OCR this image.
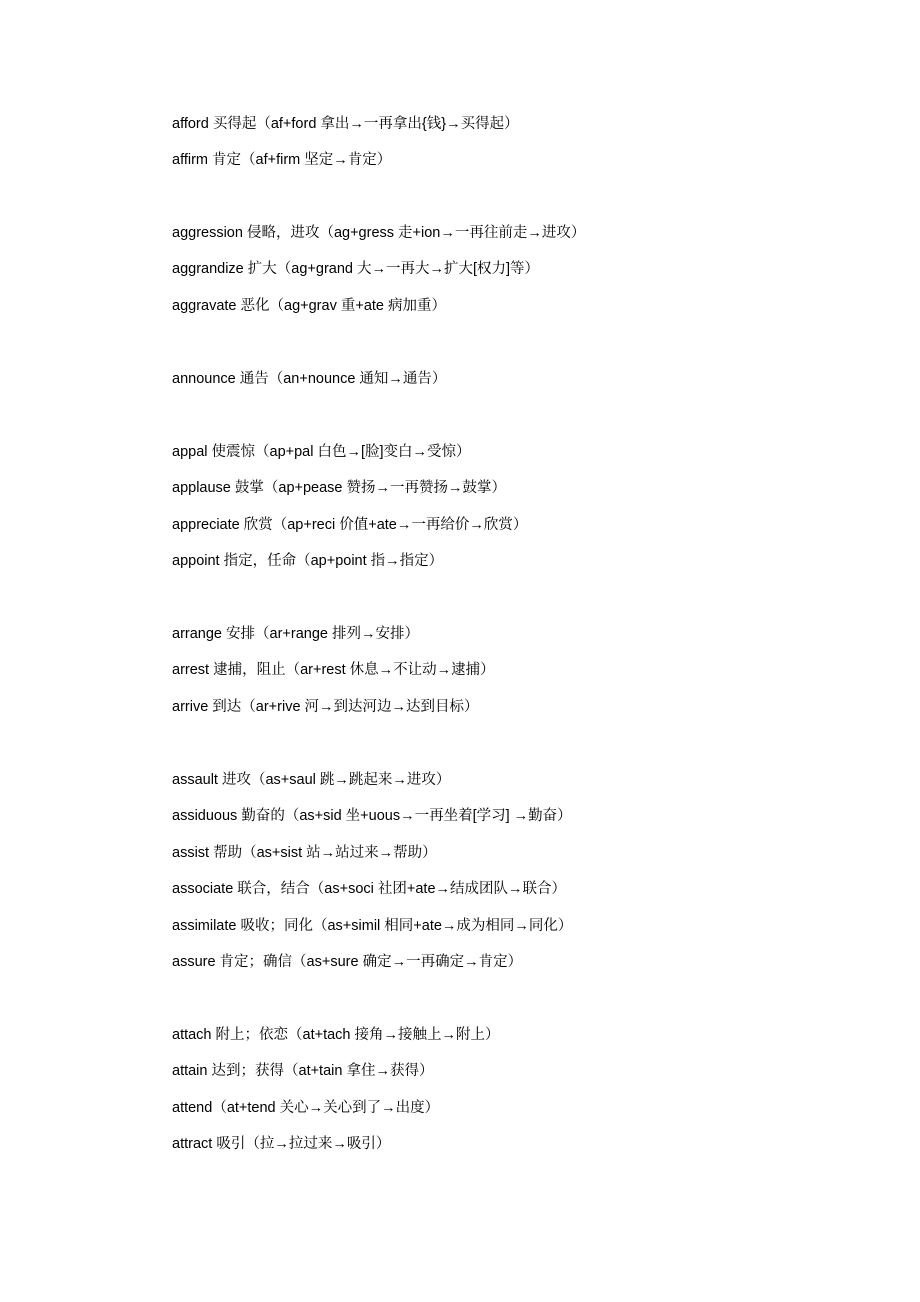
afford 买得起（af+ford 拿出→一再拿出{钱}→买得起）
affirm 肯定（af+firm 坚定→肯定）
aggression 侵略，进攻（ag+gress 走+ion→一再往前走→进攻）
aggrandize 扩大（ag+grand 大→一再大→扩大[权力]等）
aggravate 恶化（ag+grav 重+ate 病加重）
announce 通告（an+nounce 通知→通告）
appal 使震惊（ap+pal 白色→[脸]变白→受惊）
applause 鼓掌（ap+pease 赞扬→一再赞扬→鼓掌）
appreciate 欣赏（ap+reci 价值+ate→一再给价→欣赏）
appoint 指定，任命（ap+point 指→指定）
arrange 安排（ar+range 排列→安排）
arrest 逮捕，阻止（ar+rest 休息→不让动→逮捕）
arrive 到达（ar+rive 河→到达河边→达到目标）
assault 进攻（as+saul 跳→跳起来→进攻）
assiduous 勤奋的（as+sid 坐+uous→一再坐着[学习] →勤奋）
assist 帮助（as+sist 站→站过来→帮助）
associate 联合，结合（as+soci 社团+ate→结成团队→联合）
assimilate 吸收；同化（as+simil 相同+ate→成为相同→同化）
assure 肯定；确信（as+sure 确定→一再确定→肯定）
attach 附上；依恋（at+tach 接角→接触上→附上）
attain 达到；获得（at+tain 拿住→获得）
attend（at+tend 关心→关心到了→出度）
attract 吸引（拉→拉过来→吸引）
